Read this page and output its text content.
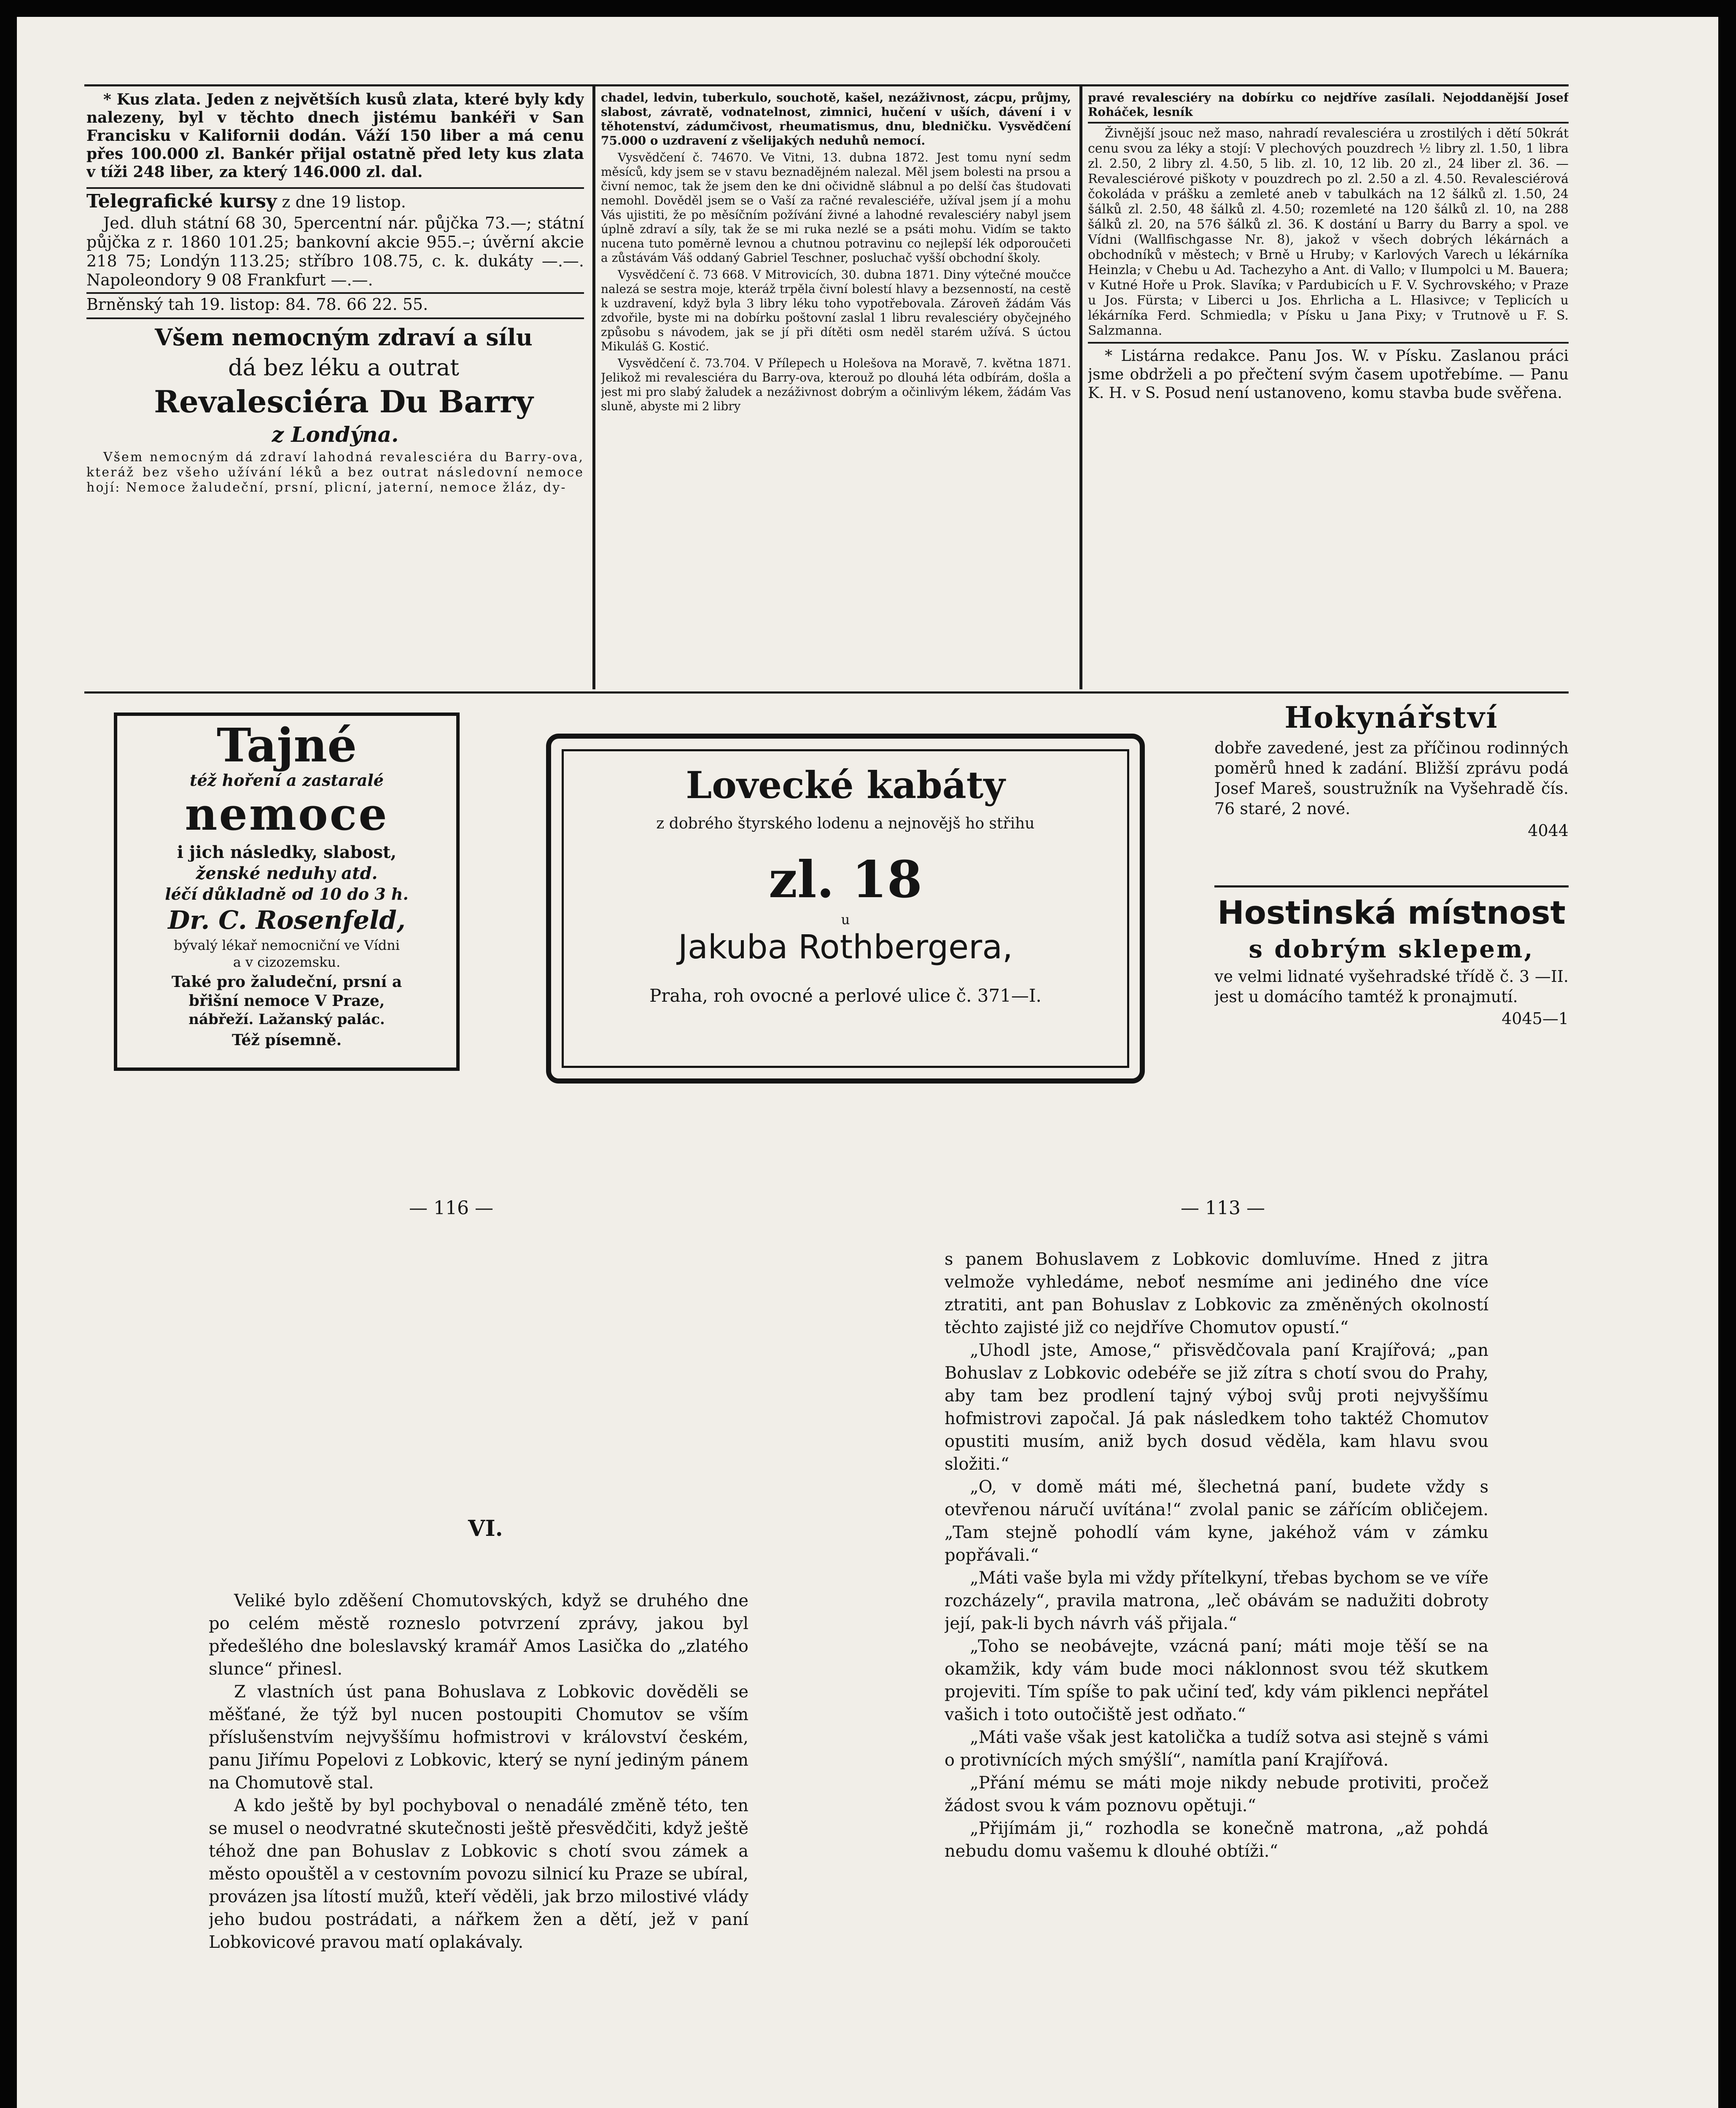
* Kus zlata. Jeden z největších kusů zlata, které byly kdy nalezeny, byl v těchto dnech jistému bankéři v San Francisku v Kalifornii dodán. Váží 150 liber a má cenu přes 100.000 zl. Bankér přijal ostatně před lety kus zlata v tíži 248 liber, za který 146.000 zl. dal.

Telegrafické kursy z dne 19 listop.

Jed. dluh státní 68 30, 5percentní nár. půjčka 73.—; státní půjčka z r. 1860 101.25; bankovní akcie 955.–; úvěrní akcie 218 75; Londýn 113.25; stříbro 108.75, c. k. dukáty —.—. Napoleondory 9 08 Frankfurt —.—.

Brněnský tah 19. listop: 84. 78. 66 22. 55.

Všem nemocným zdraví a sílu

dá bez léku a outrat

Revalesciéra Du Barry

z Londýna.

Všem nemocným dá zdraví lahodná revalesciéra du Barry-ova, kteráž bez všeho užívání léků a bez outrat následovní nemoce hojí: Nemoce žaludeční, prsní, plicní, jaterní, nemoce žláz, dy-

chadel, ledvin, tuberkulo, souchotě, kašel, nezáživnost, zácpu, průjmy, slabost, závratě, vodnatelnost, zimnici, hučení v uších, dávení i v těhotenství, zádumčivost, rheumatismus, dnu, bledničku. Vysvědčení 75.000 o uzdravení z všelijakých neduhů nemocí.

Vysvědčení č. 74670. Ve Vitni, 13. dubna 1872. Jest tomu nyní sedm měsíců, kdy jsem se v stavu beznadějném nalezal. Měl jsem bolesti na prsou a čivní nemoc, tak že jsem den ke dni očividně slábnul a po delší čas študovati nemohl. Dověděl jsem se o Vaší za račné revalesciéře, užíval jsem jí a mohu Vás ujistiti, že po měsíčním požívání živné a lahodné revalesciéry nabyl jsem úplně zdraví a síly, tak že se mi ruka nezlé se a psáti mohu. Vidím se takto nucena tuto poměrně levnou a chutnou potravinu co nejlepší lék odporoučeti a zůstávám Váš oddaný Gabriel Teschner, posluchač vyšší obchodní školy.

Vysvědčení č. 73 668. V Mitrovicích, 30. dubna 1871. Diny výtečné moučce nalezá se sestra moje, kteráž trpěla čivní bolestí hlavy a bezsenností, na cestě k uzdravení, když byla 3 libry léku toho vypotřebovala. Zároveň žádám Vás zdvořile, byste mi na dobírku poštovní zaslal 1 libru revalesciéry obyčejného způsobu s návodem, jak se jí při dítěti osm neděl starém užívá. S úctou Mikuláš G. Kostić.

Vysvědčení č. 73.704. V Přílepech u Holešova na Moravě, 7. května 1871. Jelikož mi revalesciéra du Barry-ova, kterouž po dlouhá léta odbírám, došla a jest mi pro slabý žaludek a nezáživnost dobrým a očinlivým lékem, žádám Vas sluně, abyste mi 2 libry

pravé revalesciéry na dobírku co nejdříve zasílali. Nejoddanější Josef Roháček, lesník

Živnější jsouc než maso, nahradí revalesciéra u zrostilých i dětí 50krát cenu svou za léky a stojí: V plechových pouzdrech ½ libry zl. 1.50, 1 libra zl. 2.50, 2 libry zl. 4.50, 5 lib. zl. 10, 12 lib. 20 zl., 24 liber zl. 36. — Revalesciérové piškoty v pouzdrech po zl. 2.50 a zl. 4.50. Revalesciérová čokoláda v prášku a zemleté aneb v tabulkách na 12 šálků zl. 1.50, 24 šálků zl. 2.50, 48 šálků zl. 4.50; rozemleté na 120 šálků zl. 10, na 288 šálků zl. 20, na 576 šálků zl. 36. K dostání u Barry du Barry a spol. ve Vídni (Wallfischgasse Nr. 8), jakož v všech dobrých lékárnách a obchodníků v městech; v Brně u Hruby; v Karlových Varech u lékárníka Heinzla; v Chebu u Ad. Tachezyho a Ant. di Vallo; v Ilumpolci u M. Bauera; v Kutné Hoře u Prok. Slavíka; v Pardubicích u F. V. Sychrovského; v Praze u Jos. Fürsta; v Liberci u Jos. Ehrlicha a L. Hlasivce; v Teplicích u lékárníka Ferd. Schmiedla; v Písku u Jana Pixy; v Trutnově u F. S. Salzmanna.

* Listárna redakce. Panu Jos. W. v Písku. Zaslanou práci jsme obdrželi a po přečtení svým časem upotřebíme. — Panu K. H. v S. Posud není ustanoveno, komu stavba bude svěřena.

Tajné
též hoření a zastaralé
nemoce
i jich následky, slabost,
ženské neduhy atd.
léčí důkladně od 10 do 3 h.
Dr. C. Rosenfeld,
bývalý lékař nemocniční ve Vídni
a v cizozemsku.
Také pro žaludeční, prsní a
břišní nemoce V Praze,
nábřeží. Lažanský palác.
Též písemně.
Lovecké kabáty
z dobrého štyrského lodenu a nejnovějš ho střihu
zl. 18
u
Jakuba Rothbergera,
Praha, roh ovocné a perlové ulice č. 371—I.

Hokynářství

dobře zavedené, jest za příčinou rodinných poměrů hned k zadání. Bližší zprávu podá Josef Mareš, soustružník na Vyšehradě čís. 76 staré, 2 nové.

4044

Hostinská místnost

s dobrým sklepem,

ve velmi lidnaté vyšehradské třídě č. 3 —II. jest u domácího tamtéž k pronajmutí.

4045—1

— 116 —	— 113 —
VI.

Veliké bylo zděšení Chomutovských, když se druhého dne po celém městě rozneslo potvrzení zprávy, jakou byl předešlého dne boleslavský kramář Amos Lasička do „zlatého slunce“ přinesl.

Z vlastních úst pana Bohuslava z Lobkovic dověděli se měšťané, že týž byl nucen postoupiti Chomutov se vším příslušenstvím nejvyššímu hofmistrovi v království českém, panu Jiřímu Popelovi z Lobkovic, který se nyní jediným pánem na Chomutově stal.

A kdo ještě by byl pochyboval o nenadálé změně této, ten se musel o neodvratné skutečnosti ještě přesvědčiti, když ještě téhož dne pan Bohuslav z Lobkovic s chotí svou zámek a město opouštěl a v cestovním povozu silnicí ku Praze se ubíral, provázen jsa lítostí mužů, kteří věděli, jak brzo milostivé vlády jeho budou postrádati, a nářkem žen a dětí, jež v paní Lobkovicové pravou matí oplakávaly.

s panem Bohuslavem z Lobkovic domluvíme. Hned z jitra velmože vyhledáme, neboť nesmíme ani jediného dne více ztratiti, ant pan Bohuslav z Lobkovic za změněných okolností těchto zajisté již co nejdříve Chomutov opustí.“

„Uhodl jste, Amose,“ přisvědčovala paní Krajířová; „pan Bohuslav z Lobkovic odebéře se již zítra s chotí svou do Prahy, aby tam bez prodlení tajný výboj svůj proti nejvyššímu hofmistrovi započal. Já pak následkem toho taktéž Chomutov opustiti musím, aniž bych dosud věděla, kam hlavu svou složiti.“

„O, v domě máti mé, šlechetná paní, budete vždy s otevřenou náručí uvítána!“ zvolal panic se zářícím obličejem. „Tam stejně pohodlí vám kyne, jakéhož vám v zámku popřávali.“

„Máti vaše byla mi vždy přítelkyní, třebas bychom se ve víře rozcházely“, pravila matrona, „leč obávám se nadužiti dobroty její, pak-li bych návrh váš přijala.“

„Toho se neobávejte, vzácná paní; máti moje těší se na okamžik, kdy vám bude moci náklonnost svou též skutkem projeviti. Tím spíše to pak učiní teď, kdy vám piklenci nepřátel vašich i toto outočiště jest odňato.“

„Máti vaše však jest katolička a tudíž sotva asi stejně s vámi o protivnících mých smýšlí“, namítla paní Krajířová.

„Přání mému se máti moje nikdy nebude protiviti, pročež žádost svou k vám poznovu opětuji.“

„Přijímám ji,“ rozhodla se konečně matrona, „až pohdá nebudu domu vašemu k dlouhé obtíži.“
